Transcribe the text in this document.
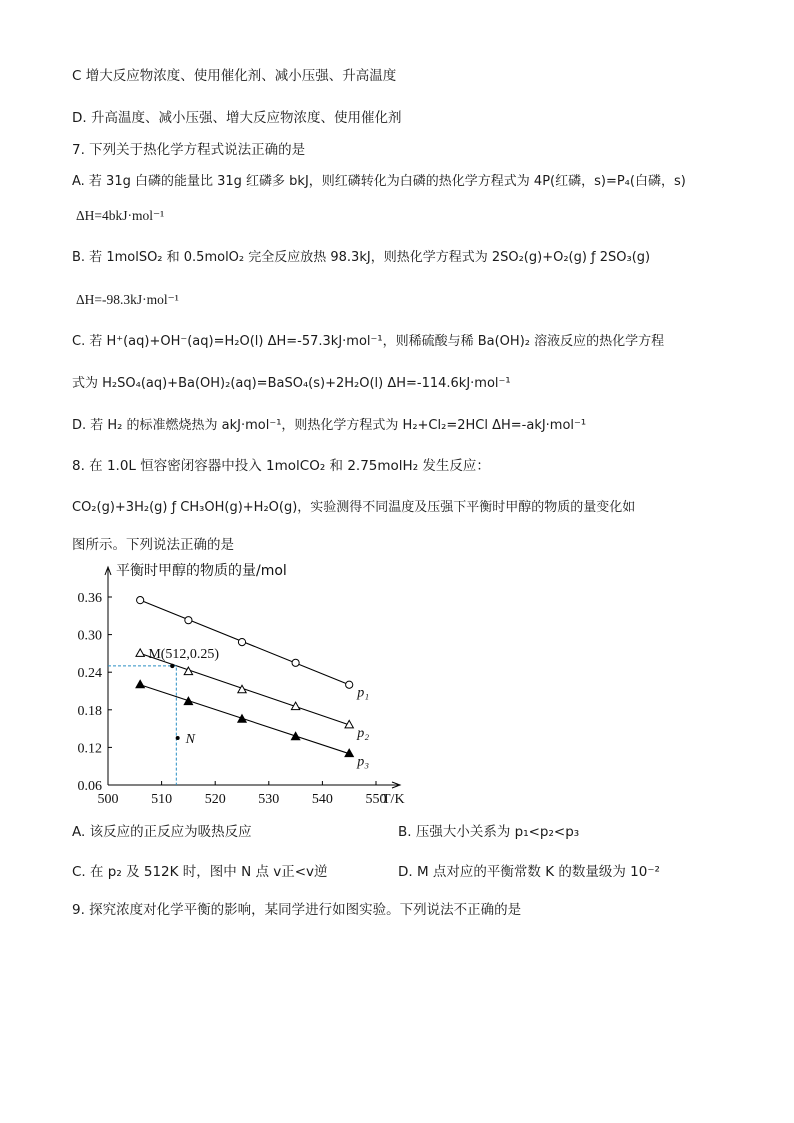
C 增大反应物浓度、使用催化剂、减小压强、升高温度
D. 升高温度、减小压强、增大反应物浓度、使用催化剂
7. 下列关于热化学方程式说法正确的是
A. 若 31g 白磷的能量比 31g 红磷多 bkJ，则红磷转化为白磷的热化学方程式为 4P(红磷，s)=P₄(白磷，s)
ΔH=4bkJ·mol⁻¹
B. 若 1molSO₂ 和 0.5molO₂ 完全反应放热 98.3kJ，则热化学方程式为 2SO₂(g)+O₂(g) ƒ 2SO₃(g)
ΔH=-98.3kJ·mol⁻¹
C. 若 H⁺(aq)+OH⁻(aq)=H₂O(l) ΔH=-57.3kJ·mol⁻¹，则稀硫酸与稀 Ba(OH)₂ 溶液反应的热化学方程
式为 H₂SO₄(aq)+Ba(OH)₂(aq)=BaSO₄(s)+2H₂O(l) ΔH=-114.6kJ·mol⁻¹
D. 若 H₂ 的标准燃烧热为 akJ·mol⁻¹，则热化学方程式为 H₂+Cl₂=2HCl ΔH=-akJ·mol⁻¹
8. 在 1.0L 恒容密闭容器中投入 1molCO₂ 和 2.75molH₂ 发生反应：
CO₂(g)+3H₂(g) ƒ CH₃OH(g)+H₂O(g)，实验测得不同温度及压强下平衡时甲醇的物质的量变化如
图所示。下列说法正确的是
平衡时甲醇的物质的量/mol
T/K
500 510 520 530 540 550
0.06
0.12
0.18
0.24
0.30
0.36
p₁
p₂
p₃
M(512,0.25)
N
A. 该反应的正反应为吸热反应	B. 压强大小关系为 p₁<p₂<p₃
C. 在 p₂ 及 512K 时，图中 N 点 v正<v逆	D. M 点对应的平衡常数 K 的数量级为 10⁻²
9. 探究浓度对化学平衡的影响，某同学进行如图实验。下列说法不正确的是
